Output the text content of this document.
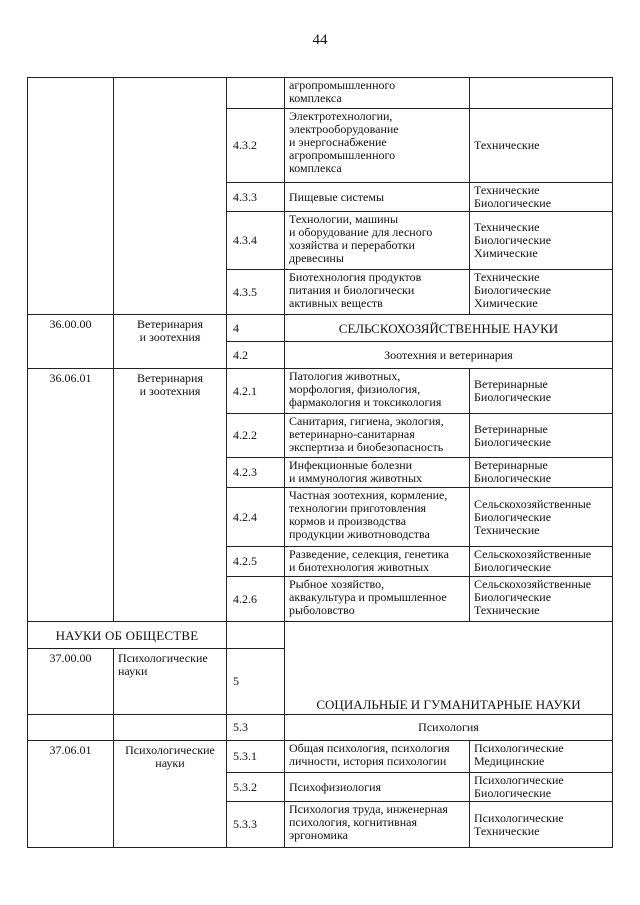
44

			агропромышленного
комплекса	

		4.3.2	Электротехнологии,
электрооборудование
и энергоснабжение
агропромышленного
комплекса	Технические

		4.3.3	Пищевые системы	Технические
Биологические

		4.3.4	Технологии, машины
и оборудование для лесного
хозяйства и переработки
древесины	Технические
Биологические
Химические

		4.3.5	Биотехнология продуктов
питания и биологически
активных веществ	Технические
Биологические
Химические

36.00.00	Ветеринария
и зоотехния	4	СЕЛЬСКОХОЗЯЙСТВЕННЫЕ НАУКИ	
		4.2	Зоотехния и ветеринария	
36.06.01	Ветеринария
и зоотехния	4.2.1	Патология животных,
морфология, физиология,
фармакология и токсикология	Ветеринарные
Биологические

		4.2.2	Санитария, гигиена, экология,
ветеринарно-санитарная
экспертиза и биобезопасность	Ветеринарные
Биологические

		4.2.3	Инфекционные болезни
и иммунология животных	Ветеринарные
Биологические

		4.2.4	Частная зоотехния, кормление,
технологии приготовления
кормов и производства
продукции животноводства	Сельскохозяйственные
Биологические
Технические

		4.2.5	Разведение, селекция, генетика
и биотехнология животных	Сельскохозяйственные
Биологические

		4.2.6	Рыбное хозяйство,
аквакультура и промышленное
рыболовство	Сельскохозяйственные
Биологические
Технические

НАУКИ ОБ ОБЩЕСТВЕ			СОЦИАЛЬНЫЕ И ГУМАНИТАРНЫЕ НАУКИ	
37.00.00	Психологические
науки	5		
		5.3	Психология	
37.06.01	Психологические
науки	5.3.1	Общая психология, психология
личности, история психологии	Психологические
Медицинские

		5.3.2	Психофизиология	Психологические
Биологические

		5.3.3	Психология труда, инженерная
психология, когнитивная
эргономика	Психологические
Технические
